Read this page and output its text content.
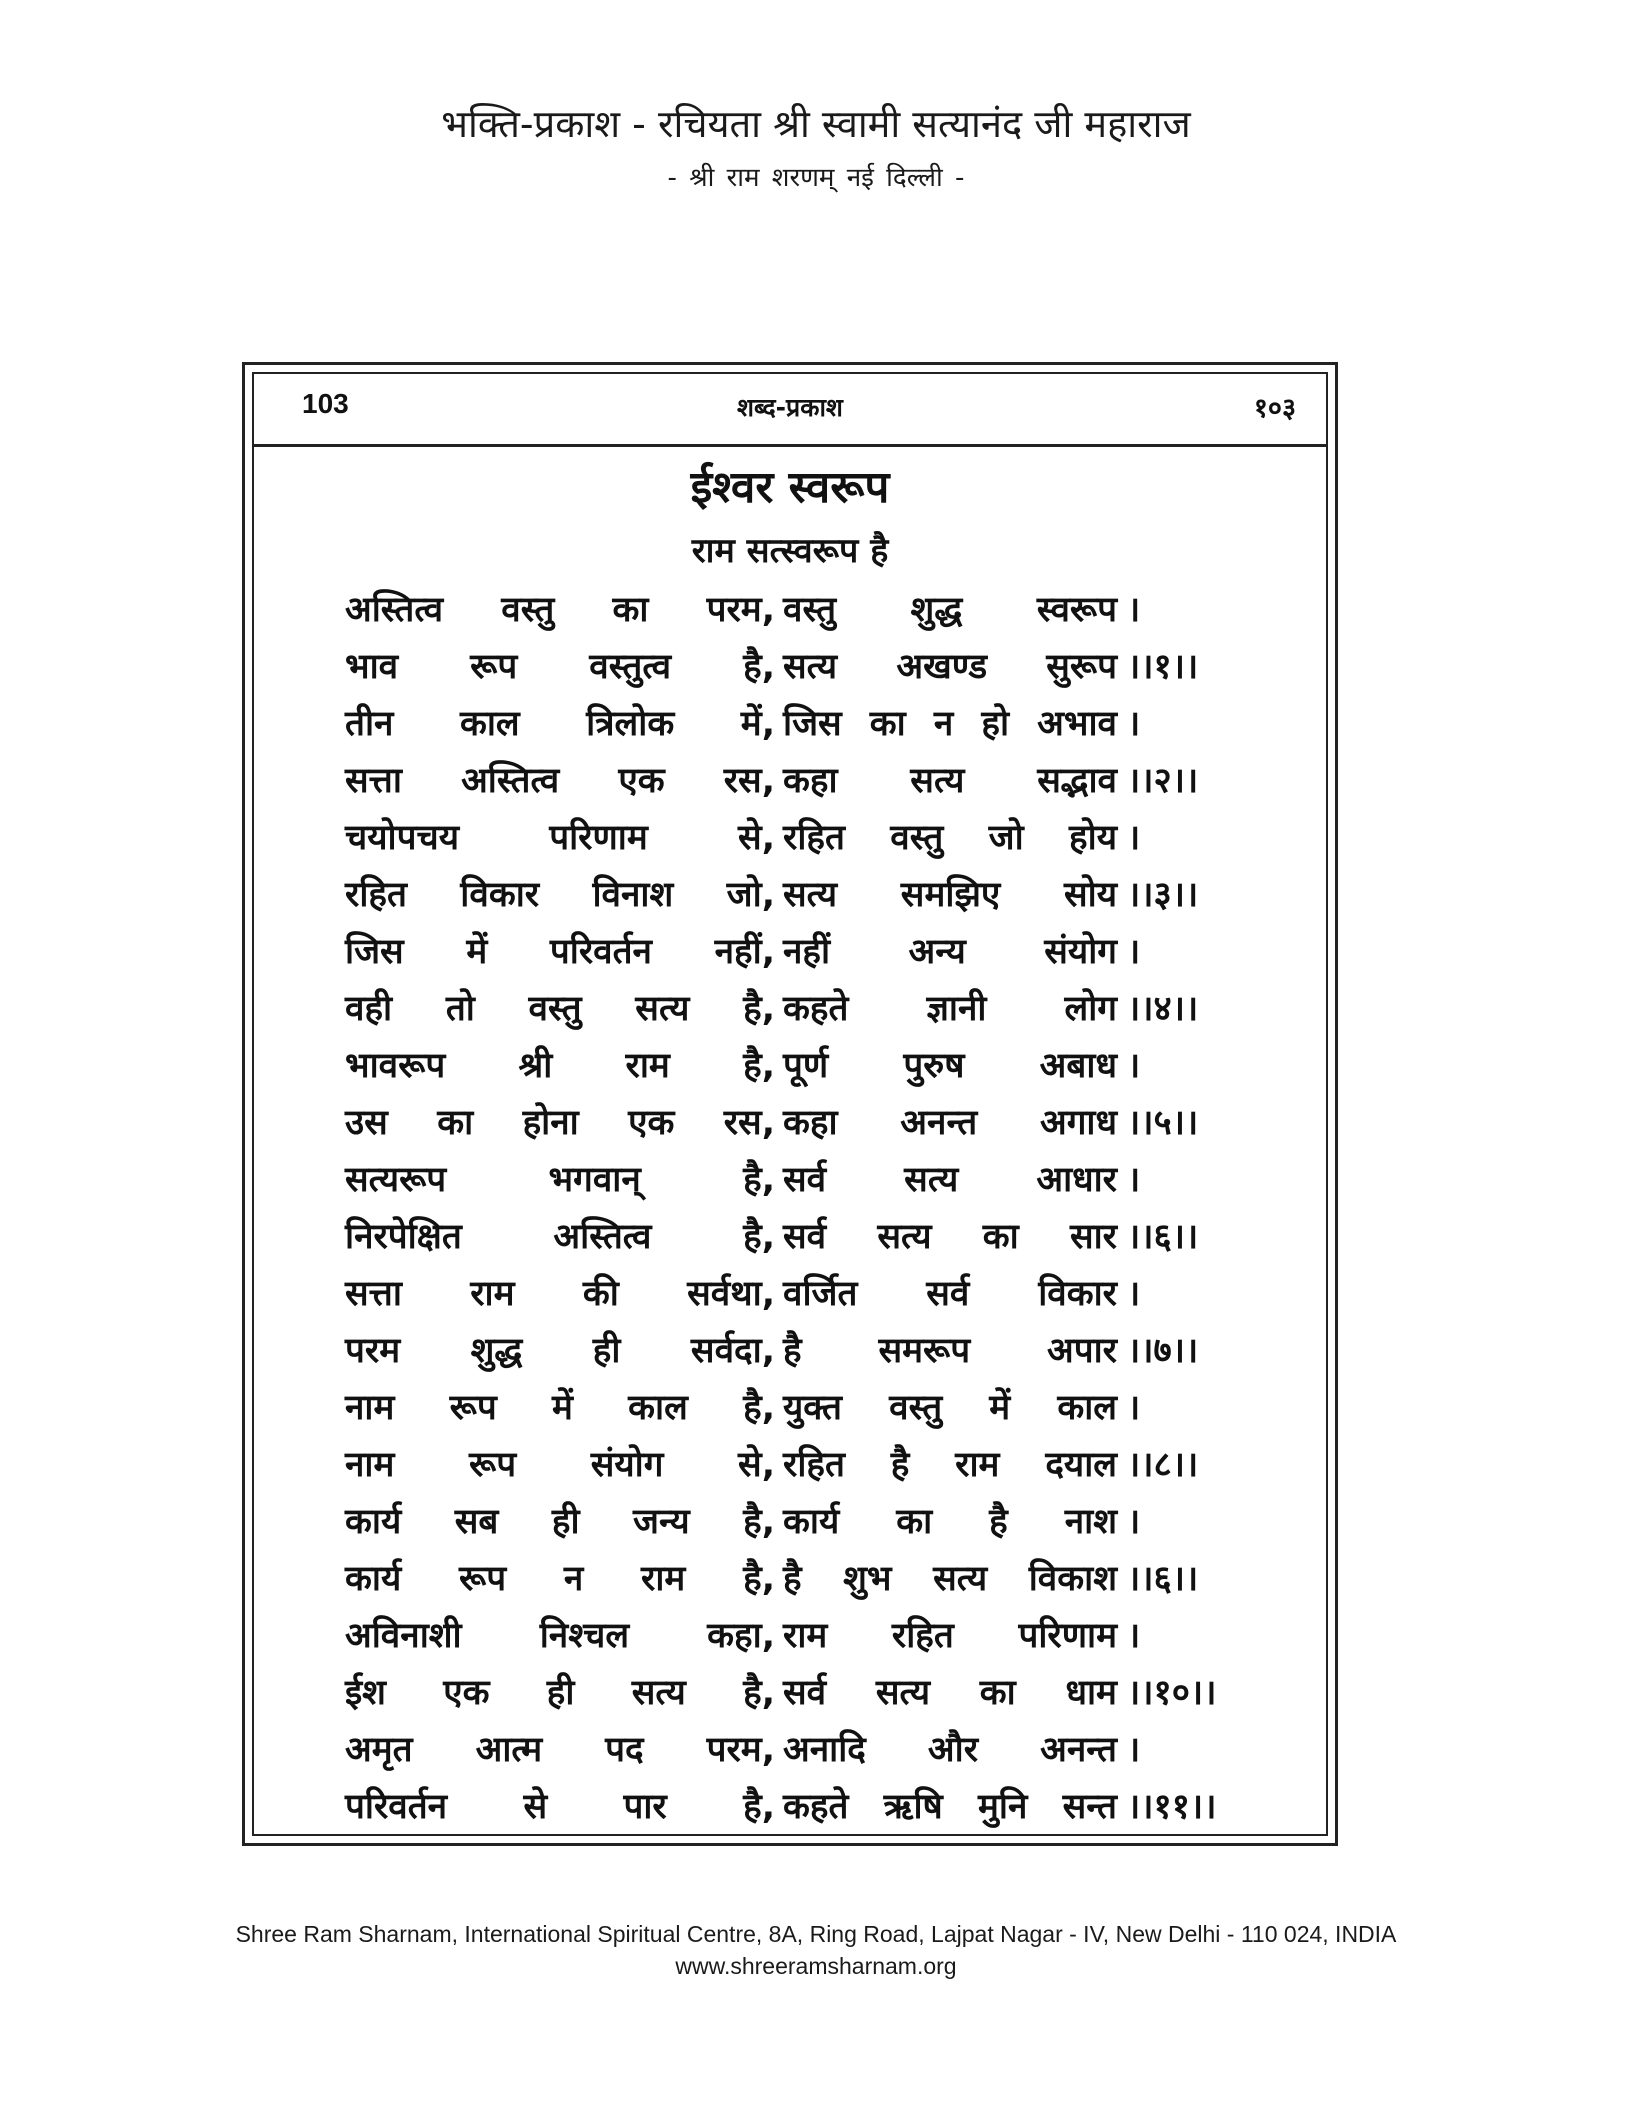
भक्ति-प्रकाश - रचियता श्री स्वामी सत्यानंद जी महाराज
- श्री राम शरणम् नई दिल्ली -
103	शब्द-प्रकाश	१०३
ईश्वर स्वरूप
राम सत्स्वरूप है
अस्तित्व वस्तु का परम, वस्तु शुद्ध स्वरूप ।
भाव रूप वस्तुत्व है, सत्य अखण्ड सुरूप ।।१।।
तीन काल त्रिलोक में, जिस का न हो अभाव ।
सत्ता अस्तित्व एक रस, कहा सत्य सद्भाव ।।२।।
चयोपचय परिणाम से, रहित वस्तु जो होय ।
रहित विकार विनाश जो, सत्य समझिए सोय ।।३।।
जिस में परिवर्तन नहीं, नहीं अन्य संयोग ।
वही तो वस्तु सत्य है, कहते ज्ञानी लोग ।।४।।
भावरूप श्री राम है, पूर्ण पुरुष अबाध ।
उस का होना एक रस, कहा अनन्त अगाध ।।५।।
सत्यरूप भगवान् है, सर्व सत्य आधार ।
निरपेक्षित अस्तित्व है, सर्व सत्य का सार ।।६।।
सत्ता राम की सर्वथा, वर्जित सर्व विकार ।
परम शुद्ध ही सर्वदा, है समरूप अपार ।।७।।
नाम रूप में काल है, युक्त वस्तु में काल ।
नाम रूप संयोग से, रहित है राम दयाल ।।८।।
कार्य सब ही जन्य है, कार्य का है नाश ।
कार्य रूप न राम है, है शुभ सत्य विकाश ।।६।।
अविनाशी निश्चल कहा, राम रहित परिणाम ।
ईश एक ही सत्य है, सर्व सत्य का धाम ।।१०।।
अमृत आत्म पद परम, अनादि और अनन्त ।
परिवर्तन से पार है, कहते ऋषि मुनि सन्त ।।११।।
Shree Ram Sharnam, International Spiritual Centre, 8A, Ring Road, Lajpat Nagar - IV, New Delhi - 110 024, INDIA
www.shreeramsharnam.org
